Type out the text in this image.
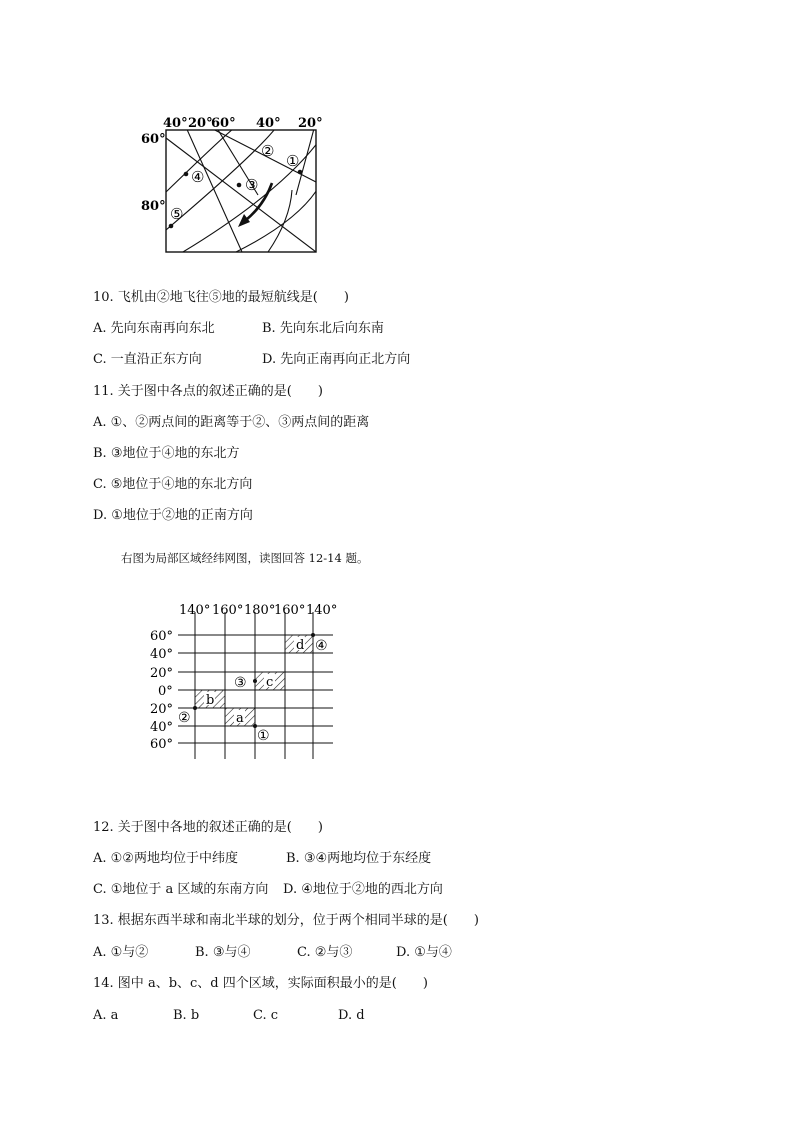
40° 20°
60° 40° 20°
60°
80°
①
②
③
④
⑤
10. 飞机由②地飞往⑤地的最短航线是(　　)
A. 先向东南再向东北	B. 先向东北后向东南
C. 一直沿正东方向	D. 先向正南再向正北方向
11. 关于图中各点的叙述正确的是(　　)
A. ①、②两点间的距离等于②、③两点间的距离
B. ③地位于④地的东北方
C. ⑤地位于④地的东北方向
D. ①地位于②地的正南方向
右图为局部区域经纬网图，读图回答 12-14 题。
d
c
b
a
④
③
②
①
140° 160° 180°
160° 140°
60°
40°
20°
0°
20°
40°
60°
12. 关于图中各地的叙述正确的是(　　)
A. ①②两地均位于中纬度	B. ③④两地均位于东经度
C. ①地位于 a 区域的东南方向 D. ④地位于②地的西北方向
13. 根据东西半球和南北半球的划分，位于两个相同半球的是(　　)
A. ①与②	B. ③与④	C. ②与③	D. ①与④
14. 图中 a、b、c、d 四个区域，实际面积最小的是(　　)
A. a	B. b	C. c	D. d
